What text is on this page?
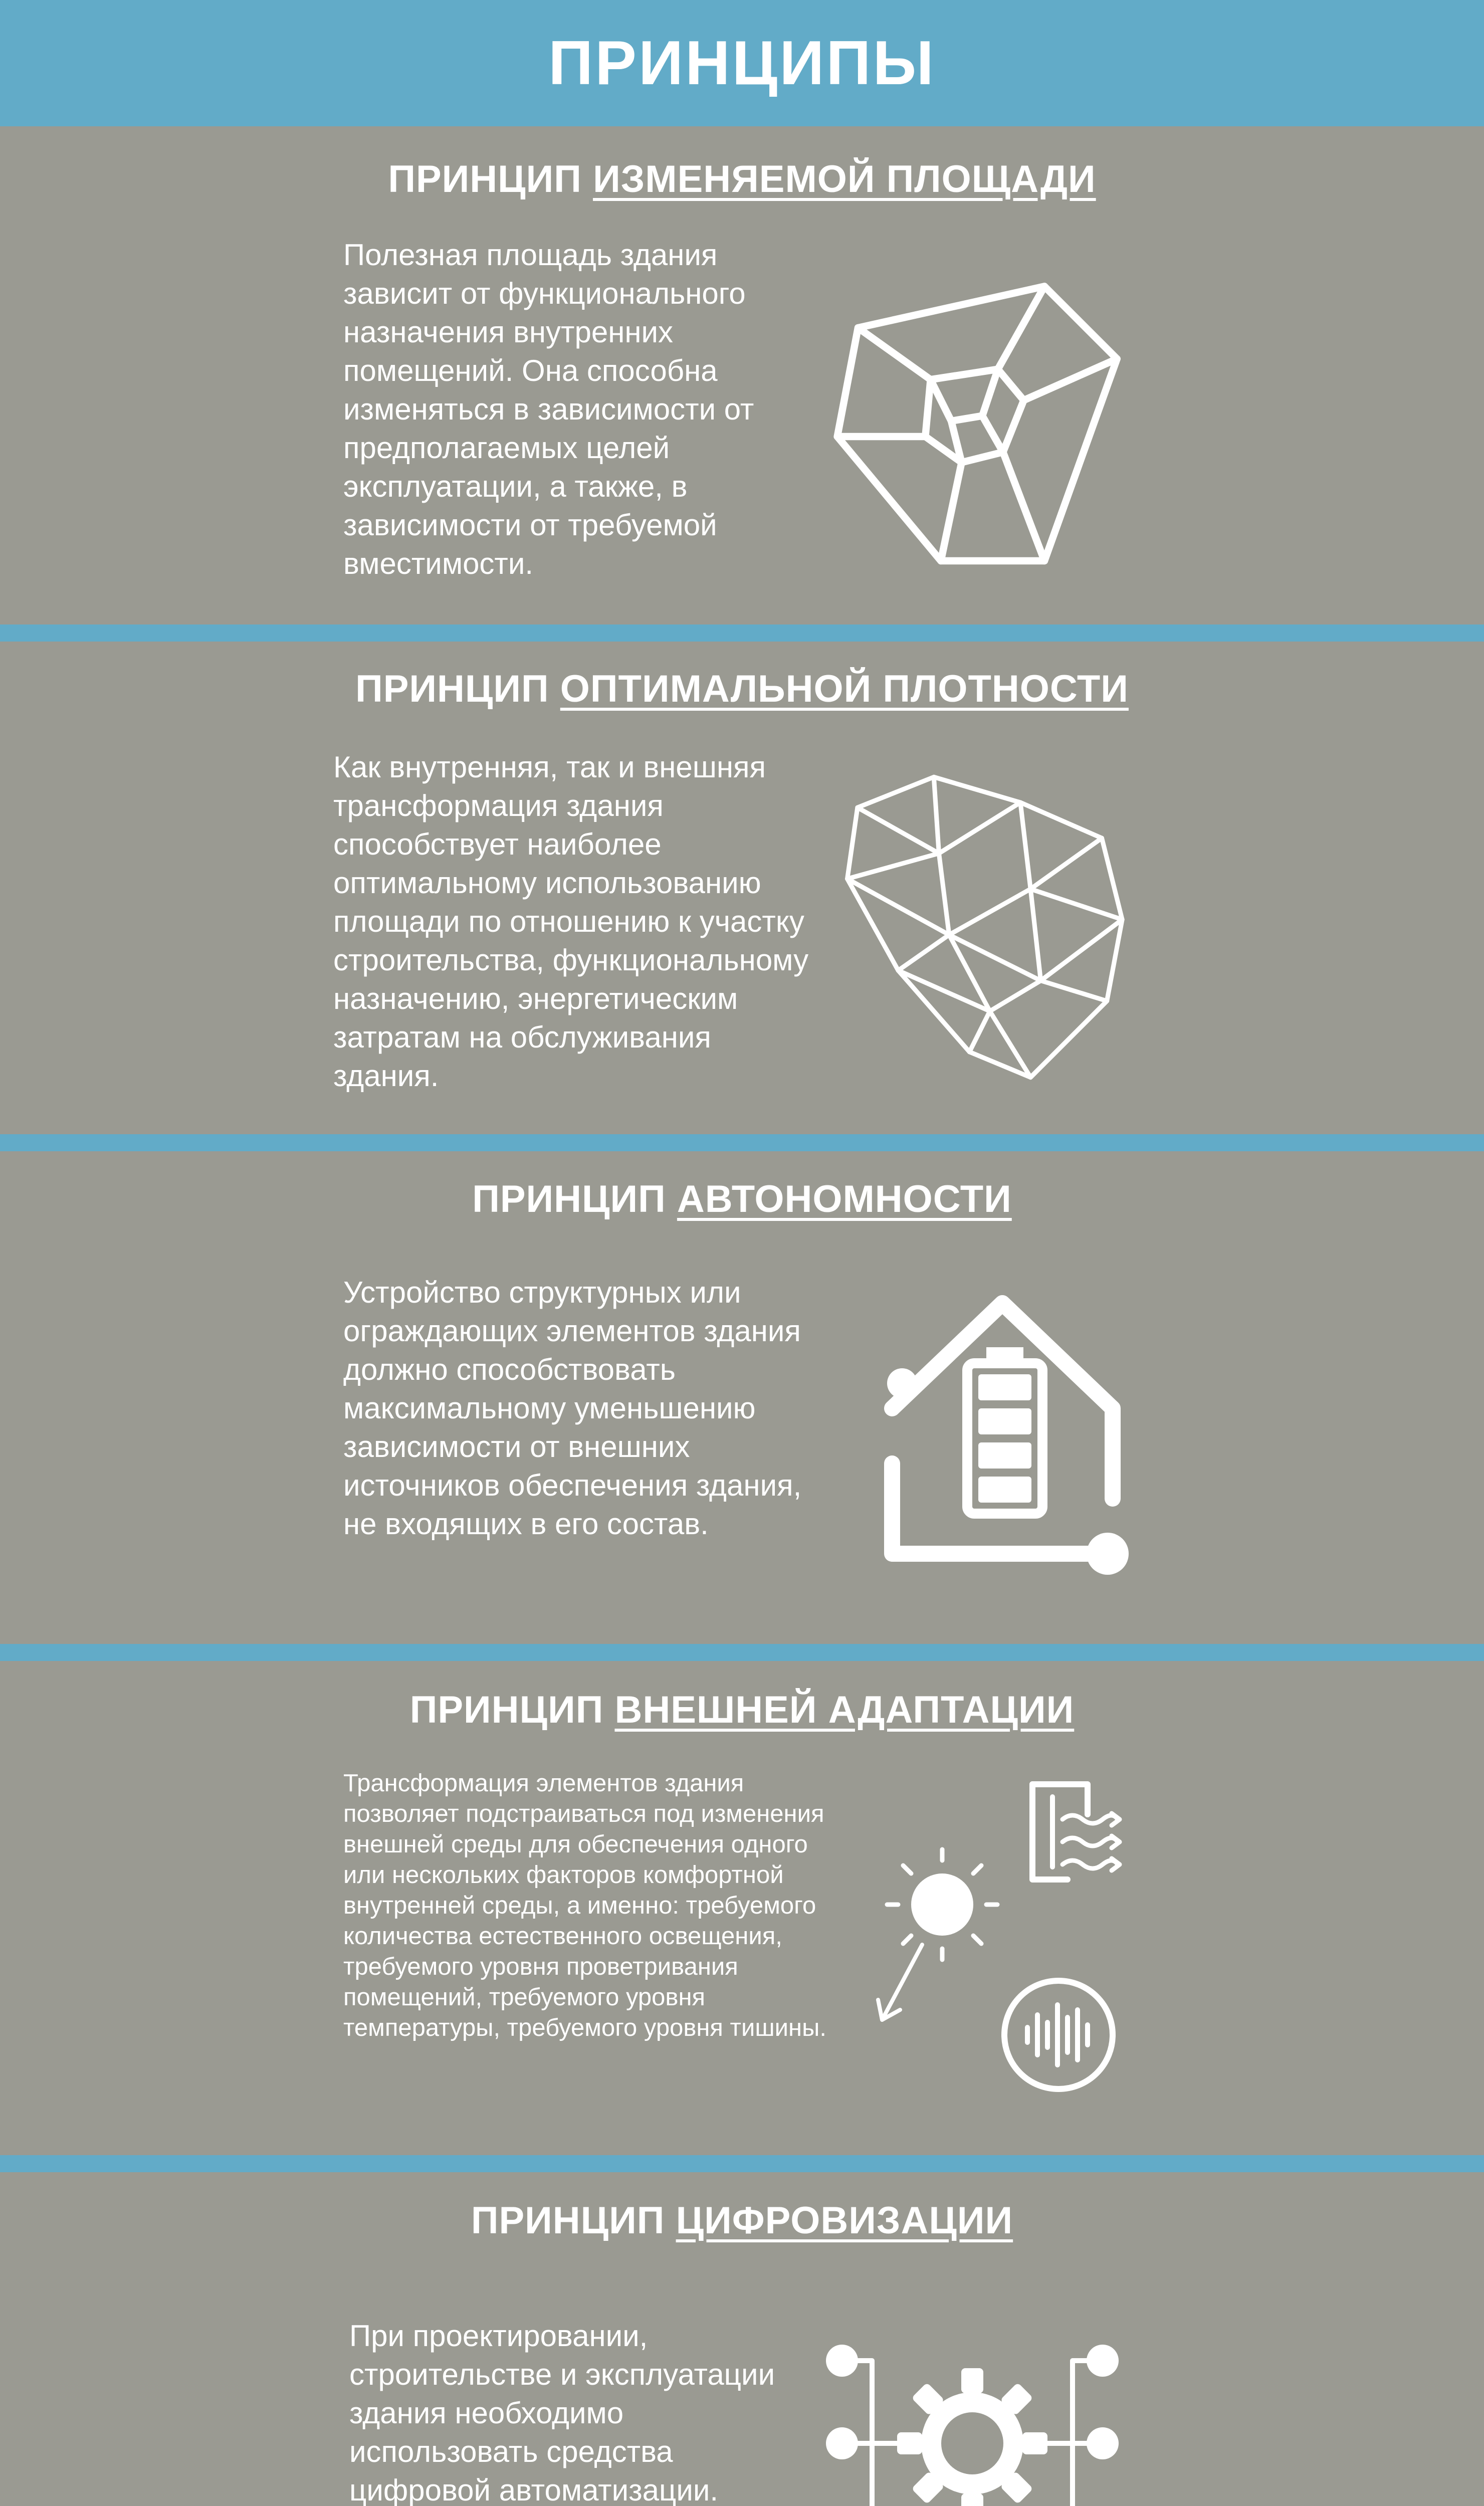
ПРИНЦИПЫ
ПРИНЦИП ИЗМЕНЯЕМОЙ ПЛОЩАДИ

Полезная площадь здания зависит от функционального назначения внутренних помещений. Она способна изменяться в зависимости от предполагаемых целей эксплуатации, а также, в зависимости от требуемой вместимости.

ПРИНЦИП ОПТИМАЛЬНОЙ ПЛОТНОСТИ

Как внутренняя, так и внешняя трансформация здания способствует наиболее оптимальному использованию площади по отношению к участку строительства, функциональному назначению, энергетическим затратам на обслуживания здания.

ПРИНЦИП АВТОНОМНОСТИ

Устройство структурных или ограждающих элементов здания должно способствовать максимальному уменьшению зависимости от внешних источников обеспечения здания, не входящих в его состав.

ПРИНЦИП ВНЕШНЕЙ АДАПТАЦИИ

Трансформация элементов здания позволяет подстраиваться под изменения внешней среды для обеспечения одного или нескольких факторов комфортной внутренней среды, а именно: требуемого количества естественного освещения, требуемого уровня проветривания помещений, требуемого уровня температуры, требуемого уровня тишины.

ПРИНЦИП ЦИФРОВИЗАЦИИ

При проектировании, строительстве и эксплуатации здания необходимо использовать средства цифровой автоматизации.
